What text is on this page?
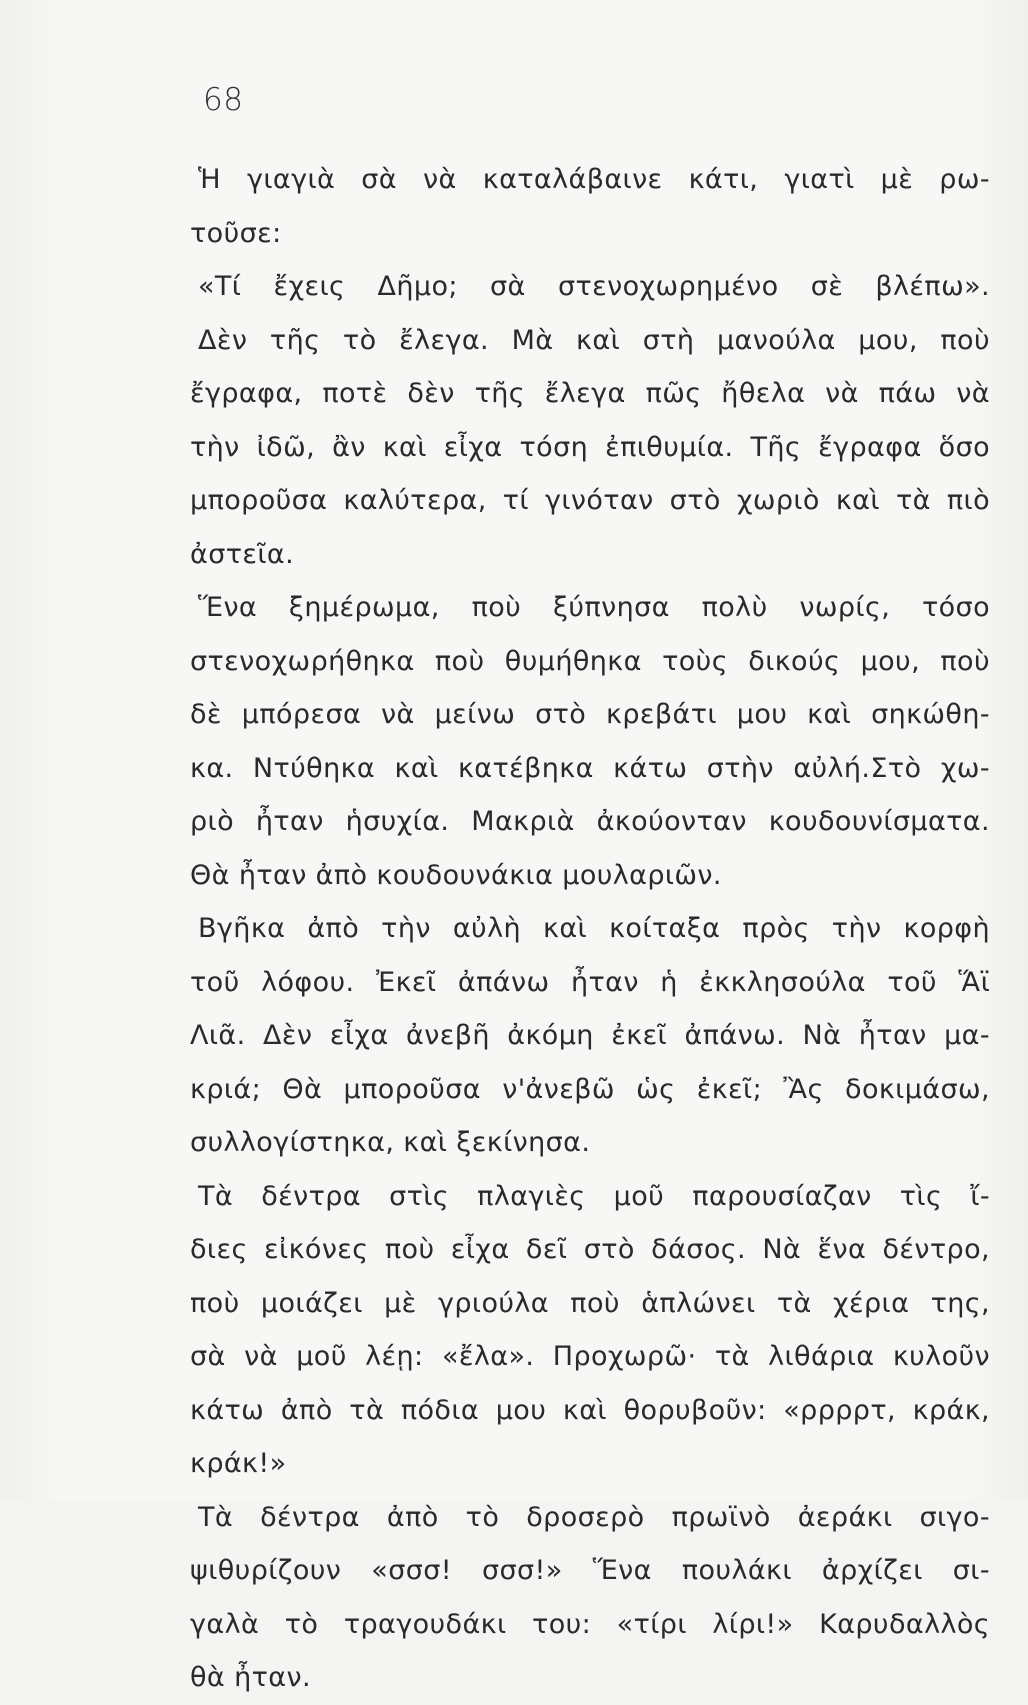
68
Ἡ γιαγιὰ σὰ νὰ καταλάβαινε κάτι, γιατὶ μὲ ρω-
τοῦσε:
«Τί ἔχεις Δῆμο; σὰ στενοχωρημένο σὲ βλέπω».
Δὲν τῆς τὸ ἔλεγα. Μὰ καὶ στὴ μανούλα μου, ποὺ
ἔγραφα, ποτὲ δὲν τῆς ἔλεγα πῶς ἤθελα νὰ πάω νὰ
τὴν ἰδῶ, ἂν καὶ εἶχα τόση ἐπιθυμία. Τῆς ἔγραφα ὅσο
μποροῦσα καλύτερα, τί γινόταν στὸ χωριὸ καὶ τὰ πιὸ
ἀστεῖα.
Ἕνα ξημέρωμα, ποὺ ξύπνησα πολὺ νωρίς, τόσο
στενοχωρήθηκα ποὺ θυμήθηκα τοὺς δικούς μου, ποὺ
δὲ μπόρεσα νὰ μείνω στὸ κρεβάτι μου καὶ σηκώθη-
κα. Ντύθηκα καὶ κατέβηκα κάτω στὴν αὐλή.Στὸ χω-
ριὸ ἦταν ἡσυχία. Μακριὰ ἀκούονταν κουδουνίσματα.
Θὰ ἦταν ἀπὸ κουδουνάκια μουλαριῶν.
Βγῆκα ἀπὸ τὴν αὐλὴ καὶ κοίταξα πρὸς τὴν κορφὴ
τοῦ λόφου. Ἐκεῖ ἀπάνω ἦταν ἡ ἐκκλησούλα τοῦ Ἅϊ
Λιᾶ. Δὲν εἶχα ἀνεβῆ ἀκόμη ἐκεῖ ἀπάνω. Νὰ ἦταν μα-
κριά; Θὰ μποροῦσα ν'ἀνεβῶ ὡς ἐκεῖ; Ἂς δοκιμάσω,
συλλογίστηκα, καὶ ξεκίνησα.
Τὰ δέντρα στὶς πλαγιὲς μοῦ παρουσίαζαν τὶς ἴ-
διες εἰκόνες ποὺ εἶχα δεῖ στὸ δάσος. Νὰ ἕνα δέντρο,
ποὺ μοιάζει μὲ γριούλα ποὺ ἁπλώνει τὰ χέρια της,
σὰ νὰ μοῦ λέῃ: «ἔλα». Προχωρῶ· τὰ λιθάρια κυλοῦν
κάτω ἀπὸ τὰ πόδια μου καὶ θορυβοῦν: «ρρρρτ, κράκ,
κράκ!»
Τὰ δέντρα ἀπὸ τὸ δροσερὸ πρωϊνὸ ἀεράκι σιγο-
ψιθυρίζουν «σσσ! σσσ!» Ἕνα πουλάκι ἀρχίζει σι-
γαλὰ τὸ τραγουδάκι του: «τίρι λίρι!» Καρυδαλλὸς
θὰ ἦταν.
